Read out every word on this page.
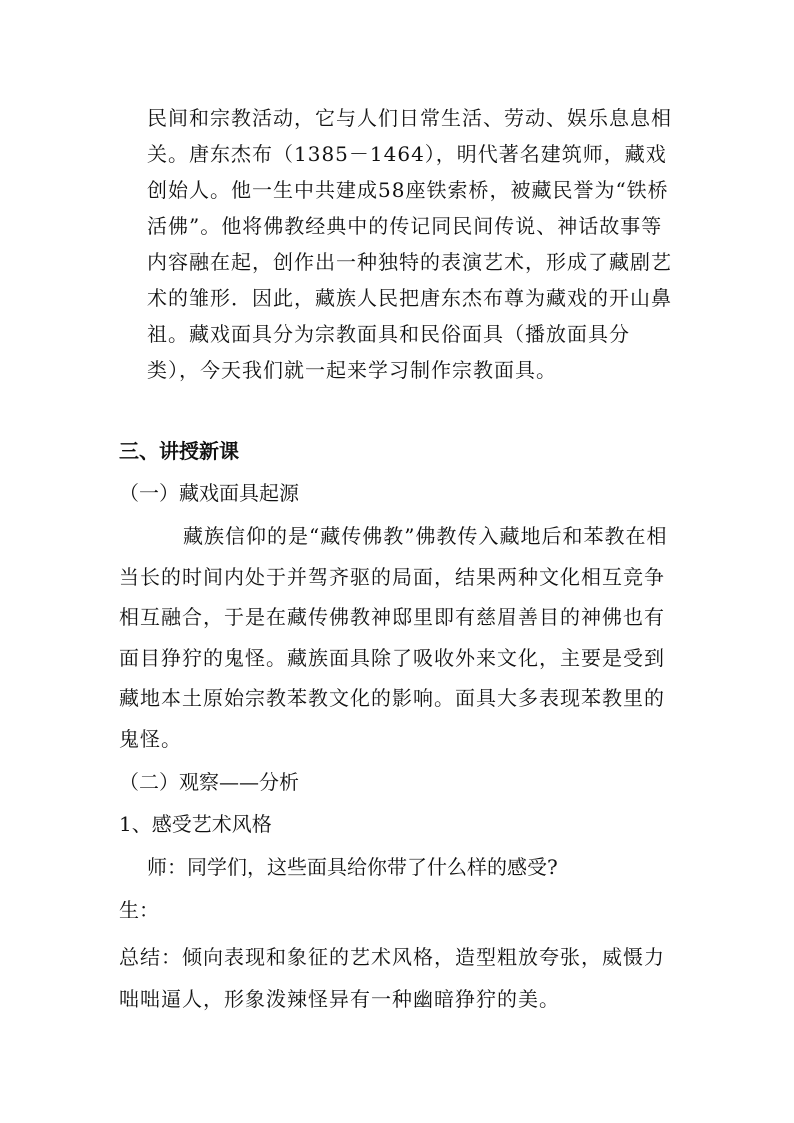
民间和宗教活动，它与人们日常生活、劳动、娱乐息息相关。唐东杰布（1385－1464），明代著名建筑师，藏戏创始人。他一生中共建成58座铁索桥，被藏民誉为“铁桥活佛”。他将佛教经典中的传记同民间传说、神话故事等内容融在起，创作出一种独特的表演艺术，形成了藏剧艺术的雏形．因此，藏族人民把唐东杰布尊为藏戏的开山鼻祖。藏戏面具分为宗教面具和民俗面具（播放面具分类），今天我们就一起来学习制作宗教面具。

三、讲授新课

（一）藏戏面具起源

藏族信仰的是“藏传佛教”佛教传入藏地后和苯教在相当长的时间内处于并驾齐驱的局面，结果两种文化相互竞争相互融合，于是在藏传佛教神邸里即有慈眉善目的神佛也有面目狰狞的鬼怪。藏族面具除了吸收外来文化，主要是受到藏地本土原始宗教苯教文化的影响。面具大多表现苯教里的鬼怪。

（二）观察——分析

1、感受艺术风格

师：同学们，这些面具给你带了什么样的感受?

生：

总结：倾向表现和象征的艺术风格，造型粗放夸张，威慑力咄咄逼人，形象泼辣怪异有一种幽暗狰狞的美。
